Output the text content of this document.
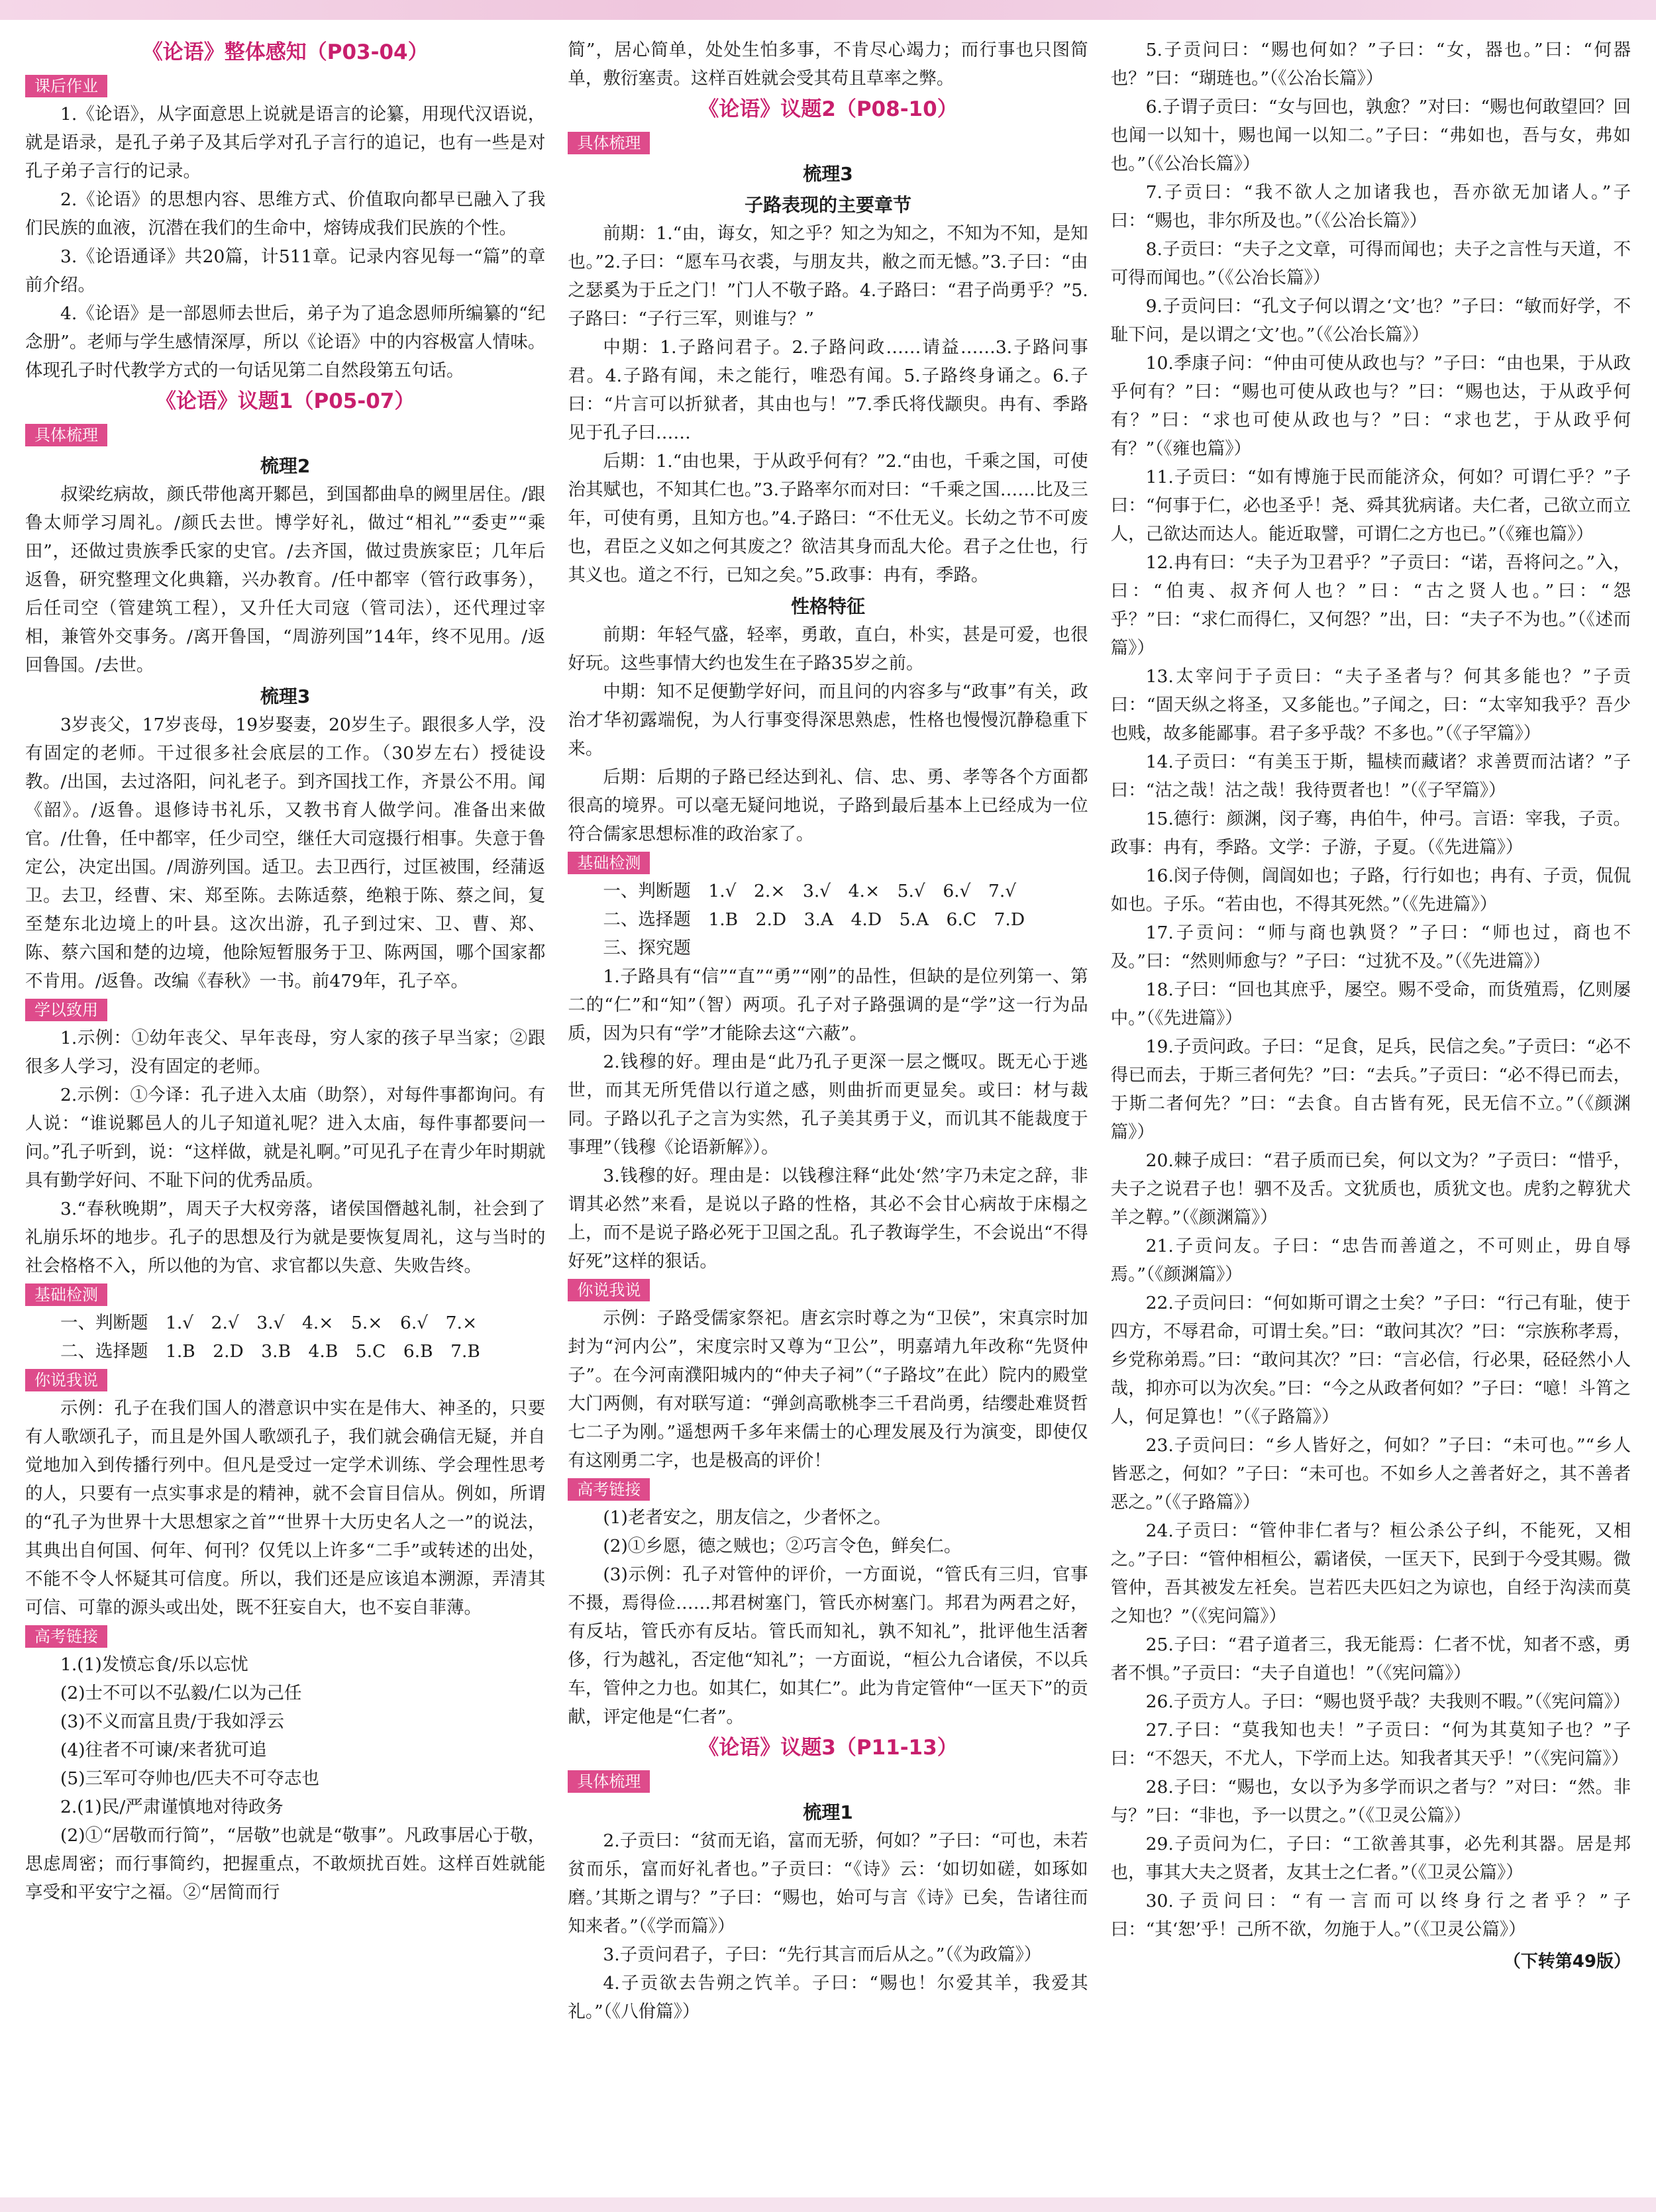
《论语》整体感知（P03-04）
课后作业

1.《论语》，从字面意思上说就是语言的论纂，用现代汉语说，就是语录，是孔子弟子及其后学对孔子言行的追记，也有一些是对孔子弟子言行的记录。

2.《论语》的思想内容、思维方式、价值取向都早已融入了我们民族的血液，沉潜在我们的生命中，熔铸成我们民族的个性。

3.《论语通译》共20篇，计511章。记录内容见每一“篇”的章前介绍。

4.《论语》是一部恩师去世后，弟子为了追念恩师所编纂的“纪念册”。老师与学生感情深厚，所以《论语》中的内容极富人情味。体现孔子时代教学方式的一句话见第二自然段第五句话。

《论语》议题1（P05-07）
具体梳理
梳理2

叔梁纥病故，颜氏带他离开鄹邑，到国都曲阜的阙里居住。/跟鲁太师学习周礼。/颜氏去世。博学好礼，做过“相礼”“委吏”“乘田”，还做过贵族季氏家的史官。/去齐国，做过贵族家臣；几年后返鲁，研究整理文化典籍，兴办教育。/任中都宰（管行政事务），后任司空（管建筑工程），又升任大司寇（管司法），还代理过宰相，兼管外交事务。/离开鲁国，“周游列国”14年，终不见用。/返回鲁国。/去世。

梳理3

3岁丧父，17岁丧母，19岁娶妻，20岁生子。跟很多人学，没有固定的老师。干过很多社会底层的工作。（30岁左右）授徒设教。/出国，去过洛阳，问礼老子。到齐国找工作，齐景公不用。闻《韶》。/返鲁。退修诗书礼乐，又教书育人做学问。准备出来做官。/仕鲁，任中都宰，任少司空，继任大司寇摄行相事。失意于鲁定公，决定出国。/周游列国。适卫。去卫西行，过匡被围，经蒲返卫。去卫，经曹、宋、郑至陈。去陈适蔡，绝粮于陈、蔡之间，复至楚东北边境上的叶县。这次出游，孔子到过宋、卫、曹、郑、陈、蔡六国和楚的边境，他除短暂服务于卫、陈两国，哪个国家都不肯用。/返鲁。改编《春秋》一书。前479年，孔子卒。

学以致用

1.示例：①幼年丧父、早年丧母，穷人家的孩子早当家；②跟很多人学习，没有固定的老师。

2.示例：①今译：孔子进入太庙（助祭），对每件事都询问。有人说：“谁说鄹邑人的儿子知道礼呢？进入太庙，每件事都要问一问。”孔子听到，说：“这样做，就是礼啊。”可见孔子在青少年时期就具有勤学好问、不耻下问的优秀品质。

3.“春秋晚期”，周天子大权旁落，诸侯国僭越礼制，社会到了礼崩乐坏的地步。孔子的思想及行为就是要恢复周礼，这与当时的社会格格不入，所以他的为官、求官都以失意、失败告终。

基础检测

一、判断题　1.√　2.√　3.√　4.×　5.×　6.√　7.×

二、选择题　1.B　2.D　3.B　4.B　5.C　6.B　7.B

你说我说

示例：孔子在我们国人的潜意识中实在是伟大、神圣的，只要有人歌颂孔子，而且是外国人歌颂孔子，我们就会确信无疑，并自觉地加入到传播行列中。但凡是受过一定学术训练、学会理性思考的人，只要有一点实事求是的精神，就不会盲目信从。例如，所谓的“孔子为世界十大思想家之首”“世界十大历史名人之一”的说法，其典出自何国、何年、何刊？仅凭以上许多“二手”或转述的出处，不能不令人怀疑其可信度。所以，我们还是应该追本溯源，弄清其可信、可靠的源头或出处，既不狂妄自大，也不妄自菲薄。

高考链接

1.(1)发愤忘食/乐以忘忧

(2)士不可以不弘毅/仁以为己任

(3)不义而富且贵/于我如浮云

(4)往者不可谏/来者犹可追

(5)三军可夺帅也/匹夫不可夺志也

2.(1)民/严肃谨慎地对待政务

(2)①“居敬而行简”，“居敬”也就是“敬事”。凡政事居心于敬，思虑周密；而行事简约，把握重点，不敢烦扰百姓。这样百姓就能享受和平安宁之福。②“居简而行

简”，居心简单，处处生怕多事，不肯尽心竭力；而行事也只图简单，敷衍塞责。这样百姓就会受其苟且草率之弊。

《论语》议题2（P08-10）
具体梳理
梳理3
子路表现的主要章节

前期：1.“由，诲女，知之乎？知之为知之，不知为不知，是知也。”2.子曰：“愿车马衣裘，与朋友共，敝之而无憾。”3.子曰：“由之瑟奚为于丘之门！”门人不敬子路。4.子路曰：“君子尚勇乎？”5.子路曰：“子行三军，则谁与？”

中期：1.子路问君子。2.子路问政……请益……3.子路问事君。4.子路有闻，未之能行，唯恐有闻。5.子路终身诵之。6.子曰：“片言可以折狱者，其由也与！”7.季氏将伐颛臾。冉有、季路见于孔子曰……

后期：1.“由也果，于从政乎何有？”2.“由也，千乘之国，可使治其赋也，不知其仁也。”3.子路率尔而对曰：“千乘之国……比及三年，可使有勇，且知方也。”4.子路曰：“不仕无义。长幼之节不可废也，君臣之义如之何其废之？欲洁其身而乱大伦。君子之仕也，行其义也。道之不行，已知之矣。”5.政事：冉有，季路。

性格特征

前期：年轻气盛，轻率，勇敢，直白，朴实，甚是可爱，也很好玩。这些事情大约也发生在子路35岁之前。

中期：知不足便勤学好问，而且问的内容多与“政事”有关，政治才华初露端倪，为人行事变得深思熟虑，性格也慢慢沉静稳重下来。

后期：后期的子路已经达到礼、信、忠、勇、孝等各个方面都很高的境界。可以毫无疑问地说，子路到最后基本上已经成为一位符合儒家思想标准的政治家了。

基础检测

一、判断题　1.√　2.×　3.√　4.×　5.√　6.√　7.√

二、选择题　1.B　2.D　3.A　4.D　5.A　6.C　7.D

三、探究题

1.子路具有“信”“直”“勇”“刚”的品性，但缺的是位列第一、第二的“仁”和“知”（智）两项。孔子对子路强调的是“学”这一行为品质，因为只有“学”才能除去这“六蔽”。

2.钱穆的好。理由是“此乃孔子更深一层之慨叹。既无心于逃世，而其无所凭借以行道之感，则曲折而更显矣。或曰：材与裁同。子路以孔子之言为实然，孔子美其勇于义，而讥其不能裁度于事理”（钱穆《论语新解》）。

3.钱穆的好。理由是：以钱穆注释“此处‘然’字乃未定之辞，非谓其必然”来看，是说以子路的性格，其必不会甘心病故于床榻之上，而不是说子路必死于卫国之乱。孔子教诲学生，不会说出“不得好死”这样的狠话。

你说我说

示例：子路受儒家祭祀。唐玄宗时尊之为“卫侯”，宋真宗时加封为“河内公”，宋度宗时又尊为“卫公”，明嘉靖九年改称“先贤仲子”。在今河南濮阳城内的“仲夫子祠”（“子路坟”在此）院内的殿堂大门两侧，有对联写道：“弹剑高歌桃李三千君尚勇，结缨赴难贤哲七二子为刚。”遥想两千多年来儒士的心理发展及行为演变，即使仅有这刚勇二字，也是极高的评价！

高考链接

(1)老者安之，朋友信之，少者怀之。

(2)①乡愿，德之贼也；②巧言令色，鲜矣仁。

(3)示例：孔子对管仲的评价，一方面说，“管氏有三归，官事不摄，焉得俭……邦君树塞门，管氏亦树塞门。邦君为两君之好，有反坫，管氏亦有反坫。管氏而知礼，孰不知礼”，批评他生活奢侈，行为越礼，否定他“知礼”；一方面说，“桓公九合诸侯，不以兵车，管仲之力也。如其仁，如其仁”。此为肯定管仲“一匡天下”的贡献，评定他是“仁者”。

《论语》议题3（P11-13）
具体梳理
梳理1

2.子贡曰：“贫而无谄，富而无骄，何如？”子曰：“可也，未若贫而乐，富而好礼者也。”子贡曰：“《诗》云：‘如切如磋，如琢如磨。’其斯之谓与？”子曰：“赐也，始可与言《诗》已矣，告诸往而知来者。”（《学而篇》）

3.子贡问君子，子曰：“先行其言而后从之。”（《为政篇》）

4.子贡欲去告朔之饩羊。子曰：“赐也！尔爱其羊，我爱其礼。”（《八佾篇》）

5.子贡问曰：“赐也何如？”子曰：“女，器也。”曰：“何器也？”曰：“瑚琏也。”（《公冶长篇》）

6.子谓子贡曰：“女与回也，孰愈？”对曰：“赐也何敢望回？回也闻一以知十，赐也闻一以知二。”子曰：“弗如也，吾与女，弗如也。”（《公冶长篇》）

7.子贡曰：“我不欲人之加诸我也，吾亦欲无加诸人。”子曰：“赐也，非尔所及也。”（《公冶长篇》）

8.子贡曰：“夫子之文章，可得而闻也；夫子之言性与天道，不可得而闻也。”（《公冶长篇》）

9.子贡问曰：“孔文子何以谓之‘文’也？”子曰：“敏而好学，不耻下问，是以谓之‘文’也。”（《公冶长篇》）

10.季康子问：“仲由可使从政也与？”子曰：“由也果，于从政乎何有？”曰：“赐也可使从政也与？”曰：“赐也达，于从政乎何有？”曰：“求也可使从政也与？”曰：“求也艺，于从政乎何有？”（《雍也篇》）

11.子贡曰：“如有博施于民而能济众，何如？可谓仁乎？”子曰：“何事于仁，必也圣乎！尧、舜其犹病诸。夫仁者，己欲立而立人，己欲达而达人。能近取譬，可谓仁之方也已。”（《雍也篇》）

12.冉有曰：“夫子为卫君乎？”子贡曰：“诺，吾将问之。”入，曰：“伯夷、叔齐何人也？”曰：“古之贤人也。”曰：“怨乎？”曰：“求仁而得仁，又何怨？”出，曰：“夫子不为也。”（《述而篇》）

13.太宰问于子贡曰：“夫子圣者与？何其多能也？”子贡曰：“固天纵之将圣，又多能也。”子闻之，曰：“太宰知我乎？吾少也贱，故多能鄙事。君子多乎哉？不多也。”（《子罕篇》）

14.子贡曰：“有美玉于斯，韫椟而藏诸？求善贾而沽诸？”子曰：“沽之哉！沽之哉！我待贾者也！”（《子罕篇》）

15.德行：颜渊，闵子骞，冉伯牛，仲弓。言语：宰我，子贡。政事：冉有，季路。文学：子游，子夏。（《先进篇》）

16.闵子侍侧，訚訚如也；子路，行行如也；冉有、子贡，侃侃如也。子乐。“若由也，不得其死然。”（《先进篇》）

17.子贡问：“师与商也孰贤？”子曰：“师也过，商也不及。”曰：“然则师愈与？”子曰：“过犹不及。”（《先进篇》）

18.子曰：“回也其庶乎，屡空。赐不受命，而货殖焉，亿则屡中。”（《先进篇》）

19.子贡问政。子曰：“足食，足兵，民信之矣。”子贡曰：“必不得已而去，于斯三者何先？”曰：“去兵。”子贡曰：“必不得已而去，于斯二者何先？”曰：“去食。自古皆有死，民无信不立。”（《颜渊篇》）

20.棘子成曰：“君子质而已矣，何以文为？”子贡曰：“惜乎，夫子之说君子也！驷不及舌。文犹质也，质犹文也。虎豹之鞟犹犬羊之鞟。”（《颜渊篇》）

21.子贡问友。子曰：“忠告而善道之，不可则止，毋自辱焉。”（《颜渊篇》）

22.子贡问曰：“何如斯可谓之士矣？”子曰：“行己有耻，使于四方，不辱君命，可谓士矣。”曰：“敢问其次？”曰：“宗族称孝焉，乡党称弟焉。”曰：“敢问其次？”曰：“言必信，行必果，硁硁然小人哉，抑亦可以为次矣。”曰：“今之从政者何如？”子曰：“噫！斗筲之人，何足算也！”（《子路篇》）

23.子贡问曰：“乡人皆好之，何如？”子曰：“未可也。”“乡人皆恶之，何如？”子曰：“未可也。不如乡人之善者好之，其不善者恶之。”（《子路篇》）

24.子贡曰：“管仲非仁者与？桓公杀公子纠，不能死，又相之。”子曰：“管仲相桓公，霸诸侯，一匡天下，民到于今受其赐。微管仲，吾其被发左衽矣。岂若匹夫匹妇之为谅也，自经于沟渎而莫之知也？”（《宪问篇》）

25.子曰：“君子道者三，我无能焉：仁者不忧，知者不惑，勇者不惧。”子贡曰：“夫子自道也！”（《宪问篇》）

26.子贡方人。子曰：“赐也贤乎哉？夫我则不暇。”（《宪问篇》）

27.子曰：“莫我知也夫！”子贡曰：“何为其莫知子也？”子曰：“不怨天，不尤人，下学而上达。知我者其天乎！”（《宪问篇》）

28.子曰：“赐也，女以予为多学而识之者与？”对曰：“然。非与？”曰：“非也，予一以贯之。”（《卫灵公篇》）

29.子贡问为仁，子曰：“工欲善其事，必先利其器。居是邦也，事其大夫之贤者，友其士之仁者。”（《卫灵公篇》）

30.子贡问曰：“有一言而可以终身行之者乎？”子曰：“其‘恕’乎！己所不欲，勿施于人。”（《卫灵公篇》）

（下转第49版）
